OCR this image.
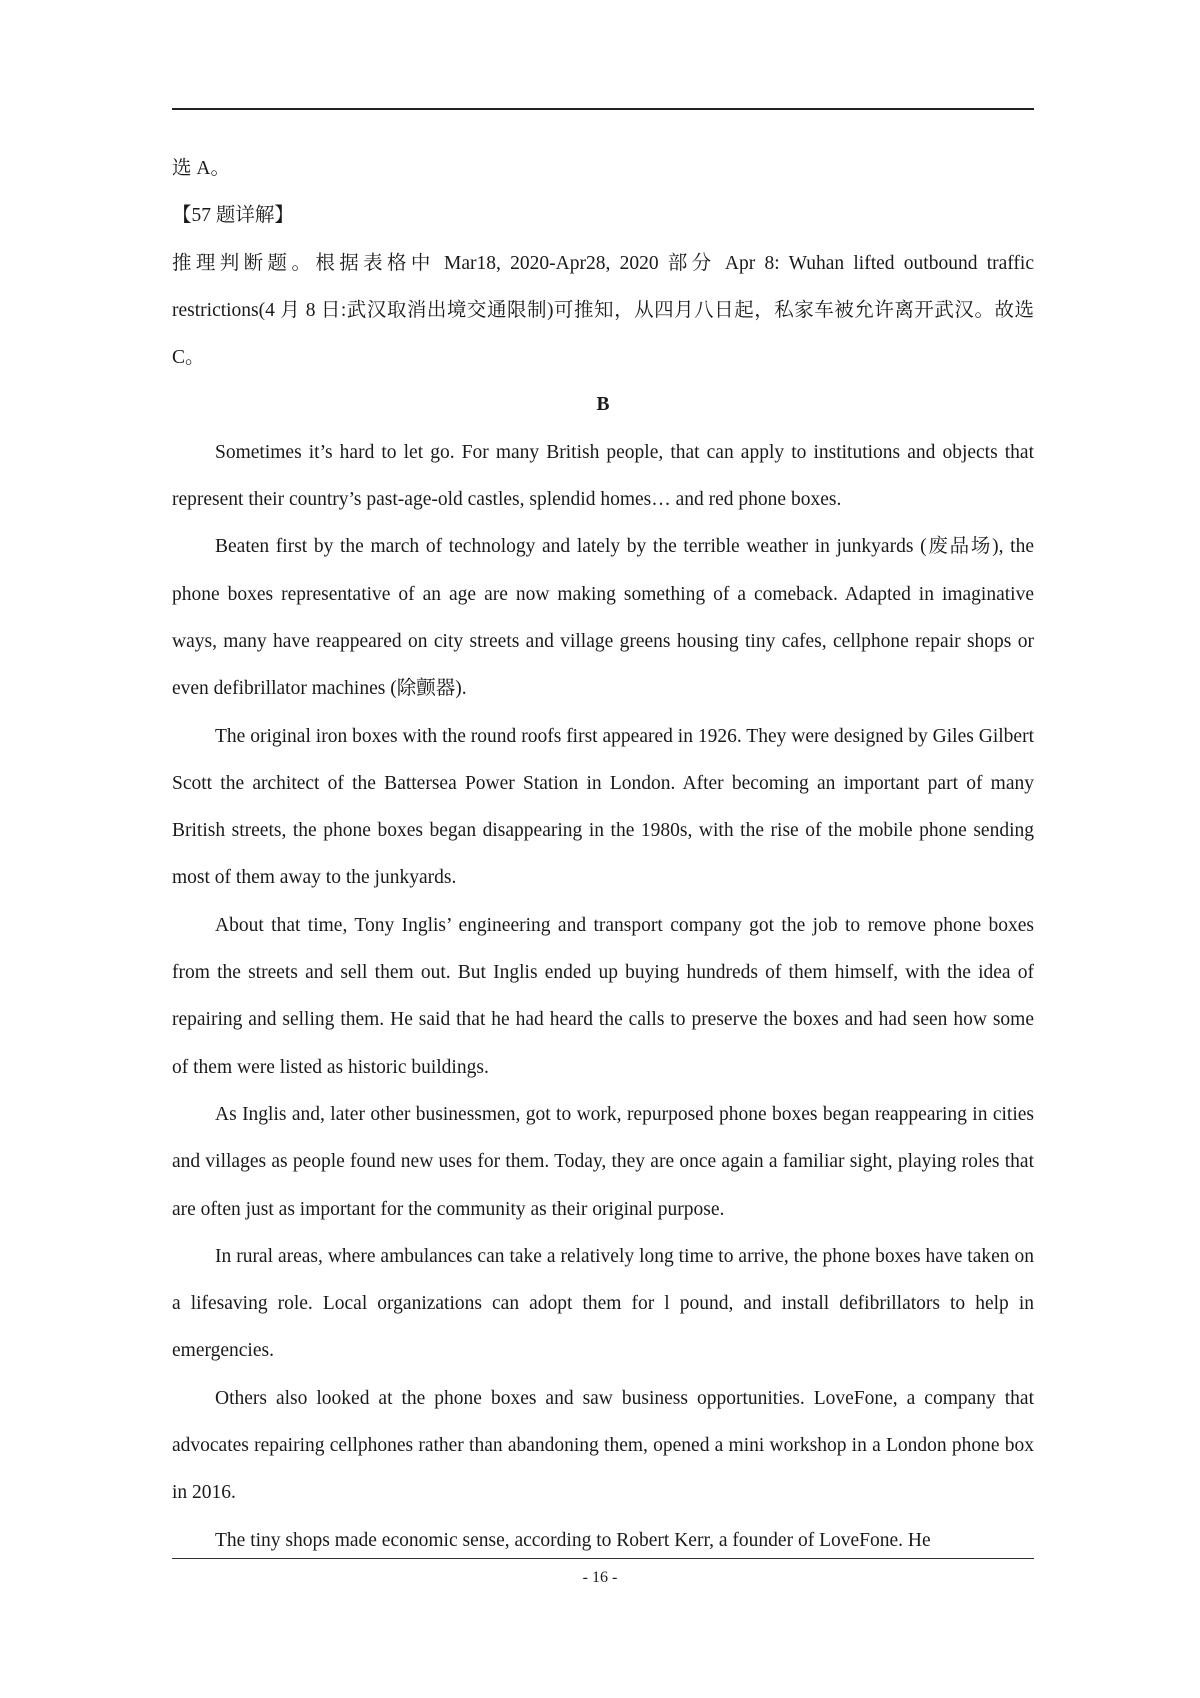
选 A。

【57 题详解】

推理判断题。根据表格中 Mar18, 2020-Apr28, 2020 部分 Apr 8: Wuhan lifted outbound traffic restrictions(4 月 8 日:武汉取消出境交通限制)可推知，从四月八日起，私家车被允许离开武汉。故选 C。

B

Sometimes it’s hard to let go. For many British people, that can apply to institutions and objects that represent their country’s past-age-old castles, splendid homes… and red phone boxes.

Beaten first by the march of technology and lately by the terrible weather in junkyards (废品场), the phone boxes representative of an age are now making something of a comeback. Adapted in imaginative ways, many have reappeared on city streets and village greens housing tiny cafes, cellphone repair shops or even defibrillator machines (除颤器).

The original iron boxes with the round roofs first appeared in 1926. They were designed by Giles Gilbert Scott the architect of the Battersea Power Station in London. After becoming an important part of many British streets, the phone boxes began disappearing in the 1980s, with the rise of the mobile phone sending most of them away to the junkyards.

About that time, Tony Inglis’ engineering and transport company got the job to remove phone boxes from the streets and sell them out. But Inglis ended up buying hundreds of them himself, with the idea of repairing and selling them. He said that he had heard the calls to preserve the boxes and had seen how some of them were listed as historic buildings.

As Inglis and, later other businessmen, got to work, repurposed phone boxes began reappearing in cities and villages as people found new uses for them. Today, they are once again a familiar sight, playing roles that are often just as important for the community as their original purpose.

In rural areas, where ambulances can take a relatively long time to arrive, the phone boxes have taken on a lifesaving role. Local organizations can adopt them for l pound, and install defibrillators to help in emergencies.

Others also looked at the phone boxes and saw business opportunities. LoveFone, a company that advocates repairing cellphones rather than abandoning them, opened a mini workshop in a London phone box in 2016.

The tiny shops made economic sense, according to Robert Kerr, a founder of LoveFone. He

- 16 -
